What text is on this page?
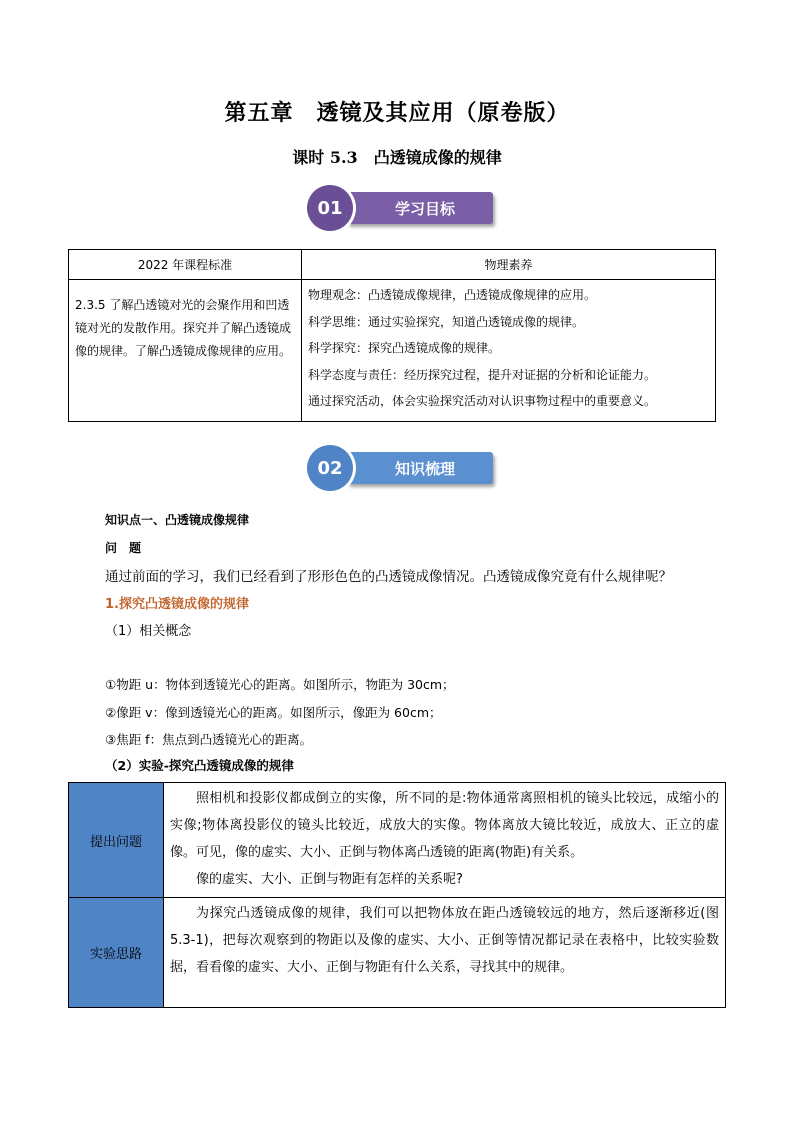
第五章　透镜及其应用（原卷版）
课时 5.3　凸透镜成像的规律
01	学习目标
2022 年课程标准	物理素养
2.3.5 了解凸透镜对光的会聚作用和凹透镜对光的发散作用。探究并了解凸透镜成像的规律。了解凸透镜成像规律的应用。	物理观念：凸透镜成像规律，凸透镜成像规律的应用。
科学思维：通过实验探究，知道凸透镜成像的规律。
科学探究：探究凸透镜成像的规律。
科学态度与责任：经历探究过程，提升对证据的分析和论证能力。
通过探究活动，体会实验探究活动对认识事物过程中的重要意义。
02	知识梳理
知识点一、凸透镜成像规律
问　题
通过前面的学习，我们已经看到了形形色色的凸透镜成像情况。凸透镜成像究竟有什么规律呢？
1.探究凸透镜成像的规律
（1）相关概念
①物距 u：物体到透镜光心的距离。如图所示，物距为 30cm；
②像距 v：像到透镜光心的距离。如图所示，像距为 60cm；
③焦距 f：焦点到凸透镜光心的距离。
（2）实验-探究凸透镜成像的规律
提出问题	照相机和投影仪都成倒立的实像，所不同的是:物体通常离照相机的镜头比较远，成缩小的实像;物体离投影仪的镜头比较近，成放大的实像。物体离放大镜比较近，成放大、正立的虚像。可见，像的虚实、大小、正倒与物体离凸透镜的距离(物距)有关系。
像的虚实、大小、正倒与物距有怎样的关系呢?

实验思路	为探究凸透镜成像的规律，我们可以把物体放在距凸透镜较远的地方，然后逐渐移近(图 5.3-1)，把每次观察到的物距以及像的虚实、大小、正倒等情况都记录在表格中，比较实验数据，看看像的虚实、大小、正倒与物距有什么关系，寻找其中的规律。
